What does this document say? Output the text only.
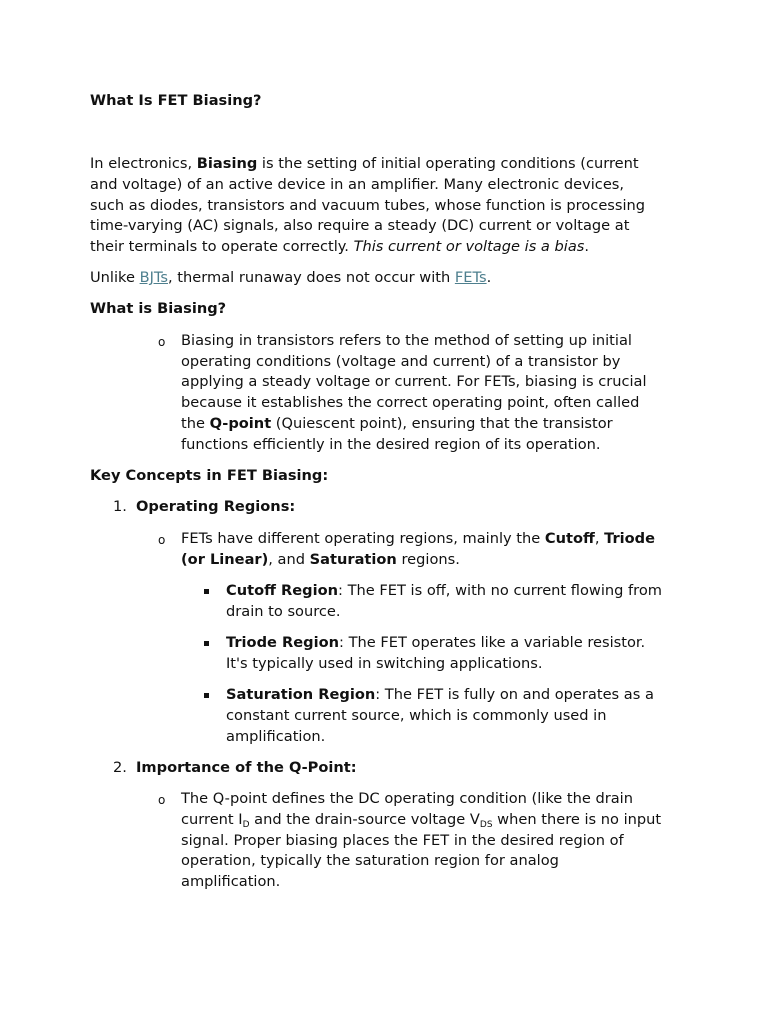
What Is FET Biasing?
In electronics, Biasing is the setting of initial operating conditions (current
and voltage) of an active device in an amplifier. Many electronic devices,
such as diodes, transistors and vacuum tubes, whose function is processing
time-varying (AC) signals, also require a steady (DC) current or voltage at
their terminals to operate correctly. This current or voltage is a bias.
Unlike BJTs, thermal runaway does not occur with FETs.
What is Biasing?
o Biasing in transistors refers to the method of setting up initial
operating conditions (voltage and current) of a transistor by
applying a steady voltage or current. For FETs, biasing is crucial
because it establishes the correct operating point, often called
the Q-point (Quiescent point), ensuring that the transistor
functions efficiently in the desired region of its operation.
Key Concepts in FET Biasing:
1. Operating Regions:
o FETs have different operating regions, mainly the Cutoff, Triode
(or Linear), and Saturation regions.
Cutoff Region: The FET is off, with no current flowing from
drain to source.
Triode Region: The FET operates like a variable resistor.
It's typically used in switching applications.
Saturation Region: The FET is fully on and operates as a
constant current source, which is commonly used in
amplification.
2. Importance of the Q-Point:
o The Q-point defines the DC operating condition (like the drain
current $I_D$ and the drain-source voltage $V_{DS}$ when there is no input
signal. Proper biasing places the FET in the desired region of
operation, typically the saturation region for analog
amplification.
